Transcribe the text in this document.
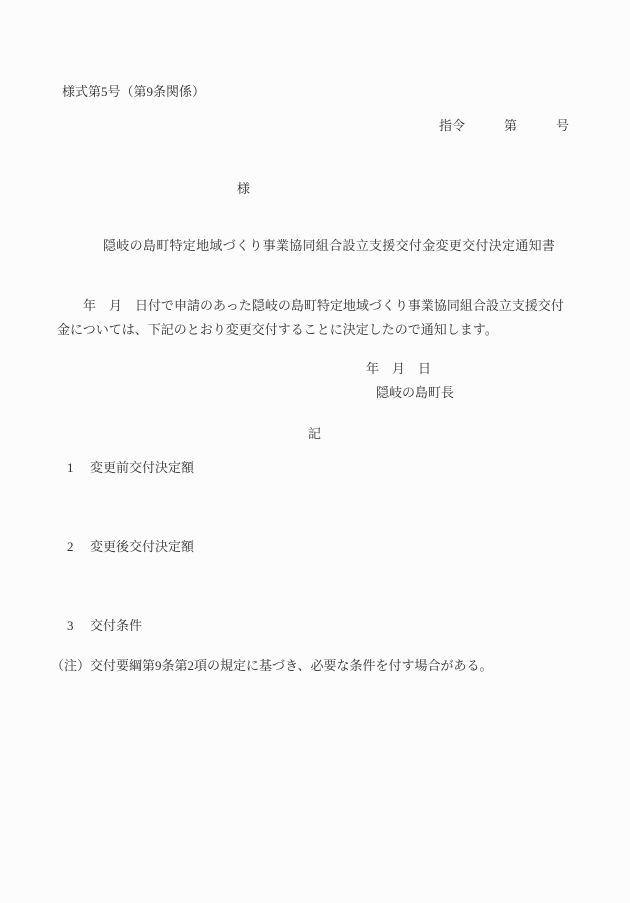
様式第5号（第9条関係）
指令　　　第　　　号
様
隠岐の島町特定地域づくり事業協同組合設立支援交付金変更交付決定通知書
　　年　月　日付で申請のあった隠岐の島町特定地域づくり事業協同組合設立支援交付
金については、下記のとおり変更交付することに決定したので通知します。
年　月　日
隠岐の島町長
記
1	変更前交付決定額
2	変更後交付決定額
3	交付条件
（注）交付要綱第9条第2項の規定に基づき、必要な条件を付す場合がある。
